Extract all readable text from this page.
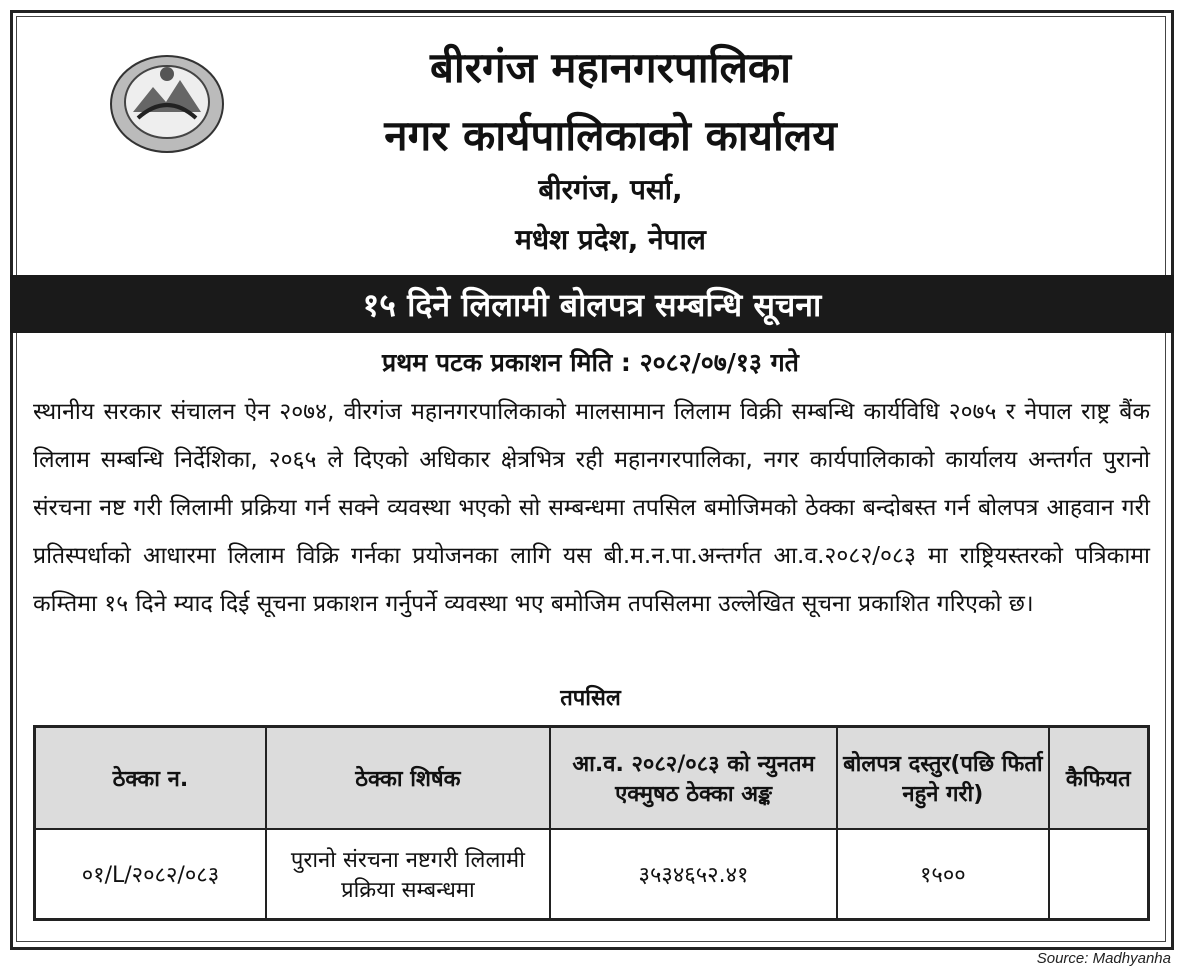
बीरगंज महानगरपालिका
नगर कार्यपालिकाको कार्यालय
बीरगंज, पर्सा,
मधेश प्रदेश, नेपाल
१५ दिने लिलामी बोलपत्र सम्बन्धि सूचना
प्रथम पटक प्रकाशन मिति : २०८२/०७/१३ गते

स्थानीय सरकार संचालन ऐन २०७४, वीरगंज महानगरपालिकाको मालसामान लिलाम विक्री सम्बन्धि कार्यविधि २०७५ र नेपाल राष्ट्र बैंक लिलाम सम्बन्धि निर्देशिका, २०६५ ले दिएको अधिकार क्षेत्रभित्र रही महानगरपालिका, नगर कार्यपालिकाको कार्यालय अन्तर्गत पुरानो संरचना नष्ट गरी लिलामी प्रक्रिया गर्न सक्ने व्यवस्था भएको सो सम्बन्धमा तपसिल बमोजिमको ठेक्का बन्दोबस्त गर्न बोलपत्र आहवान गरी प्रतिस्पर्धाको आधारमा लिलाम विक्रि गर्नका प्रयोजनका लागि यस बी.म.न.पा.अन्तर्गत आ.व.२०८२/०८३ मा राष्ट्रियस्तरको पत्रिकामा कम्तिमा १५ दिने म्याद दिई सूचना प्रकाशन गर्नुपर्ने व्यवस्था भए बमोजिम तपसिलमा उल्लेखित सूचना प्रकाशित गरिएको छ।

तपसिल
ठेक्का न.	ठेक्का शिर्षक	आ.व. २०८२/०८३ को न्युनतम एक्मुषठ ठेक्का अङ्क	बोलपत्र दस्तुर(पछि फिर्ता नहुने गरी)	कैफियत
०१/L/२०८२/०८३	पुरानो संरचना नष्टगरी लिलामी प्रक्रिया सम्बन्धमा	३५३४६५२.४१	१५००	
Source: Madhyanha
